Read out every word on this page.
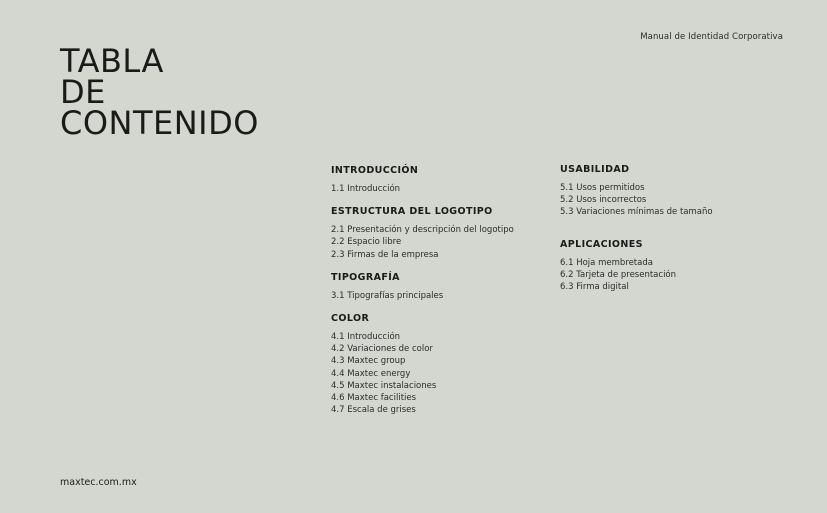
Manual de Identidad Corporativa
TABLA
DE
CONTENIDO
INTRODUCCIÓN
1.1 Introducción
ESTRUCTURA DEL LOGOTIPO
2.1 Presentación y descripción del logotipo
2.2 Espacio libre
2.3 Firmas de la empresa
TIPOGRAFÍA
3.1 Tipografías principales
COLOR
4.1 Introducción
4.2 Variaciones de color
4.3 Maxtec group
4.4 Maxtec energy
4.5 Maxtec instalaciones
4.6 Maxtec facilities
4.7 Escala de grises
USABILIDAD
5.1 Usos permitidos
5.2 Usos incorrectos
5.3 Variaciones mínimas de tamaño
APLICACIONES
6.1 Hoja membretada
6.2 Tarjeta de presentación
6.3 Firma digital
maxtec.com.mx
